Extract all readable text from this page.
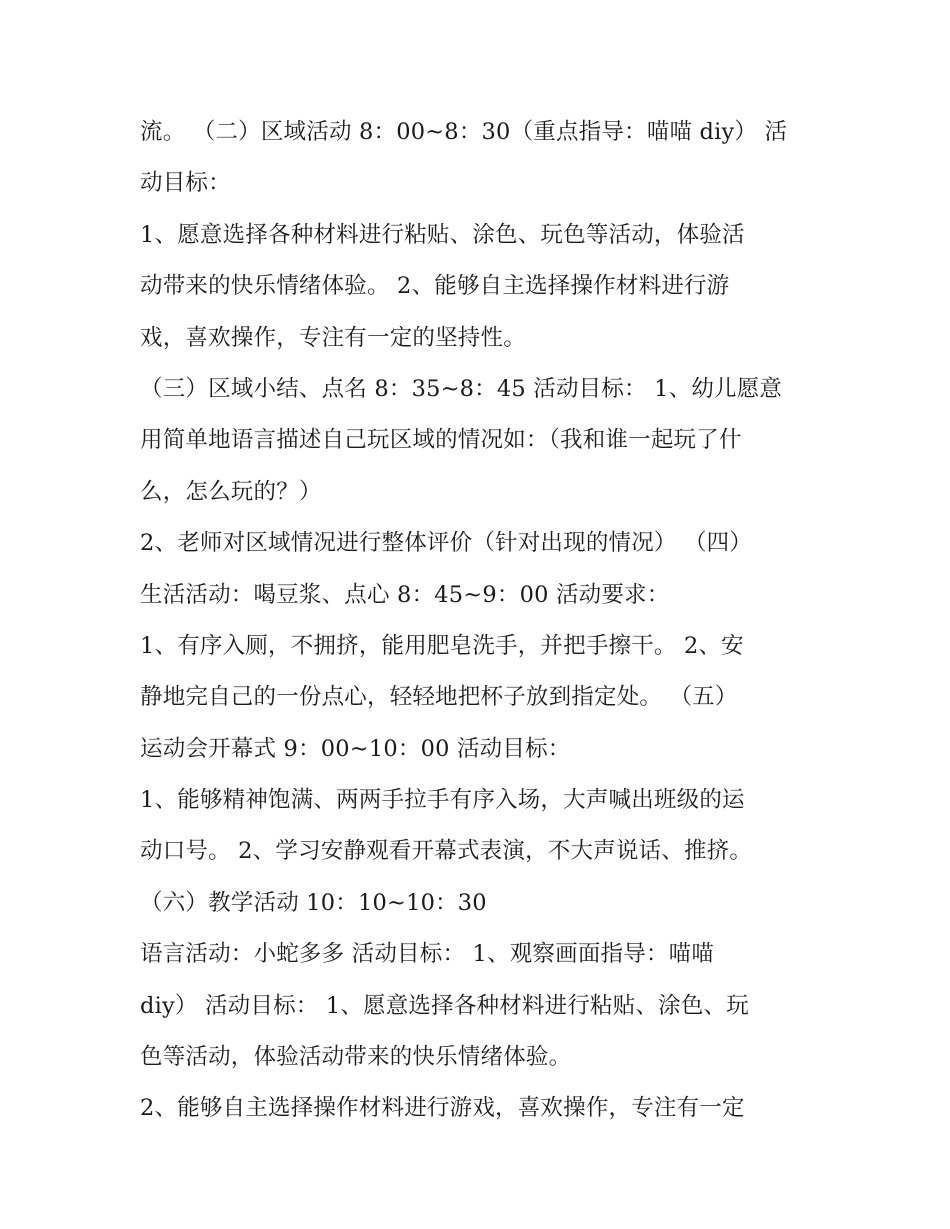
流。 （二）区域活动 8：00~8：30（重点指导：喵喵 diy） 活
动目标：
1、愿意选择各种材料进行粘贴、涂色、玩色等活动，体验活
动带来的快乐情绪体验。 2、能够自主选择操作材料进行游
戏，喜欢操作，专注有一定的坚持性。
（三）区域小结、点名 8：35~8：45 活动目标： 1、幼儿愿意
用简单地语言描述自己玩区域的情况如：（我和谁一起玩了什
么，怎么玩的？）
2、老师对区域情况进行整体评价（针对出现的情况） （四）
生活活动：喝豆浆、点心 8：45~9：00 活动要求：
1、有序入厕，不拥挤，能用肥皂洗手，并把手擦干。 2、安
静地完自己的一份点心，轻轻地把杯子放到指定处。 （五）
运动会开幕式 9：00~10：00 活动目标：
1、能够精神饱满、两两手拉手有序入场，大声喊出班级的运
动口号。 2、学习安静观看开幕式表演，不大声说话、推挤。
（六）教学活动 10：10~10：30
语言活动：小蛇多多 活动目标： 1、观察画面指导：喵喵
diy） 活动目标： 1、愿意选择各种材料进行粘贴、涂色、玩
色等活动，体验活动带来的快乐情绪体验。
2、能够自主选择操作材料进行游戏，喜欢操作，专注有一定
